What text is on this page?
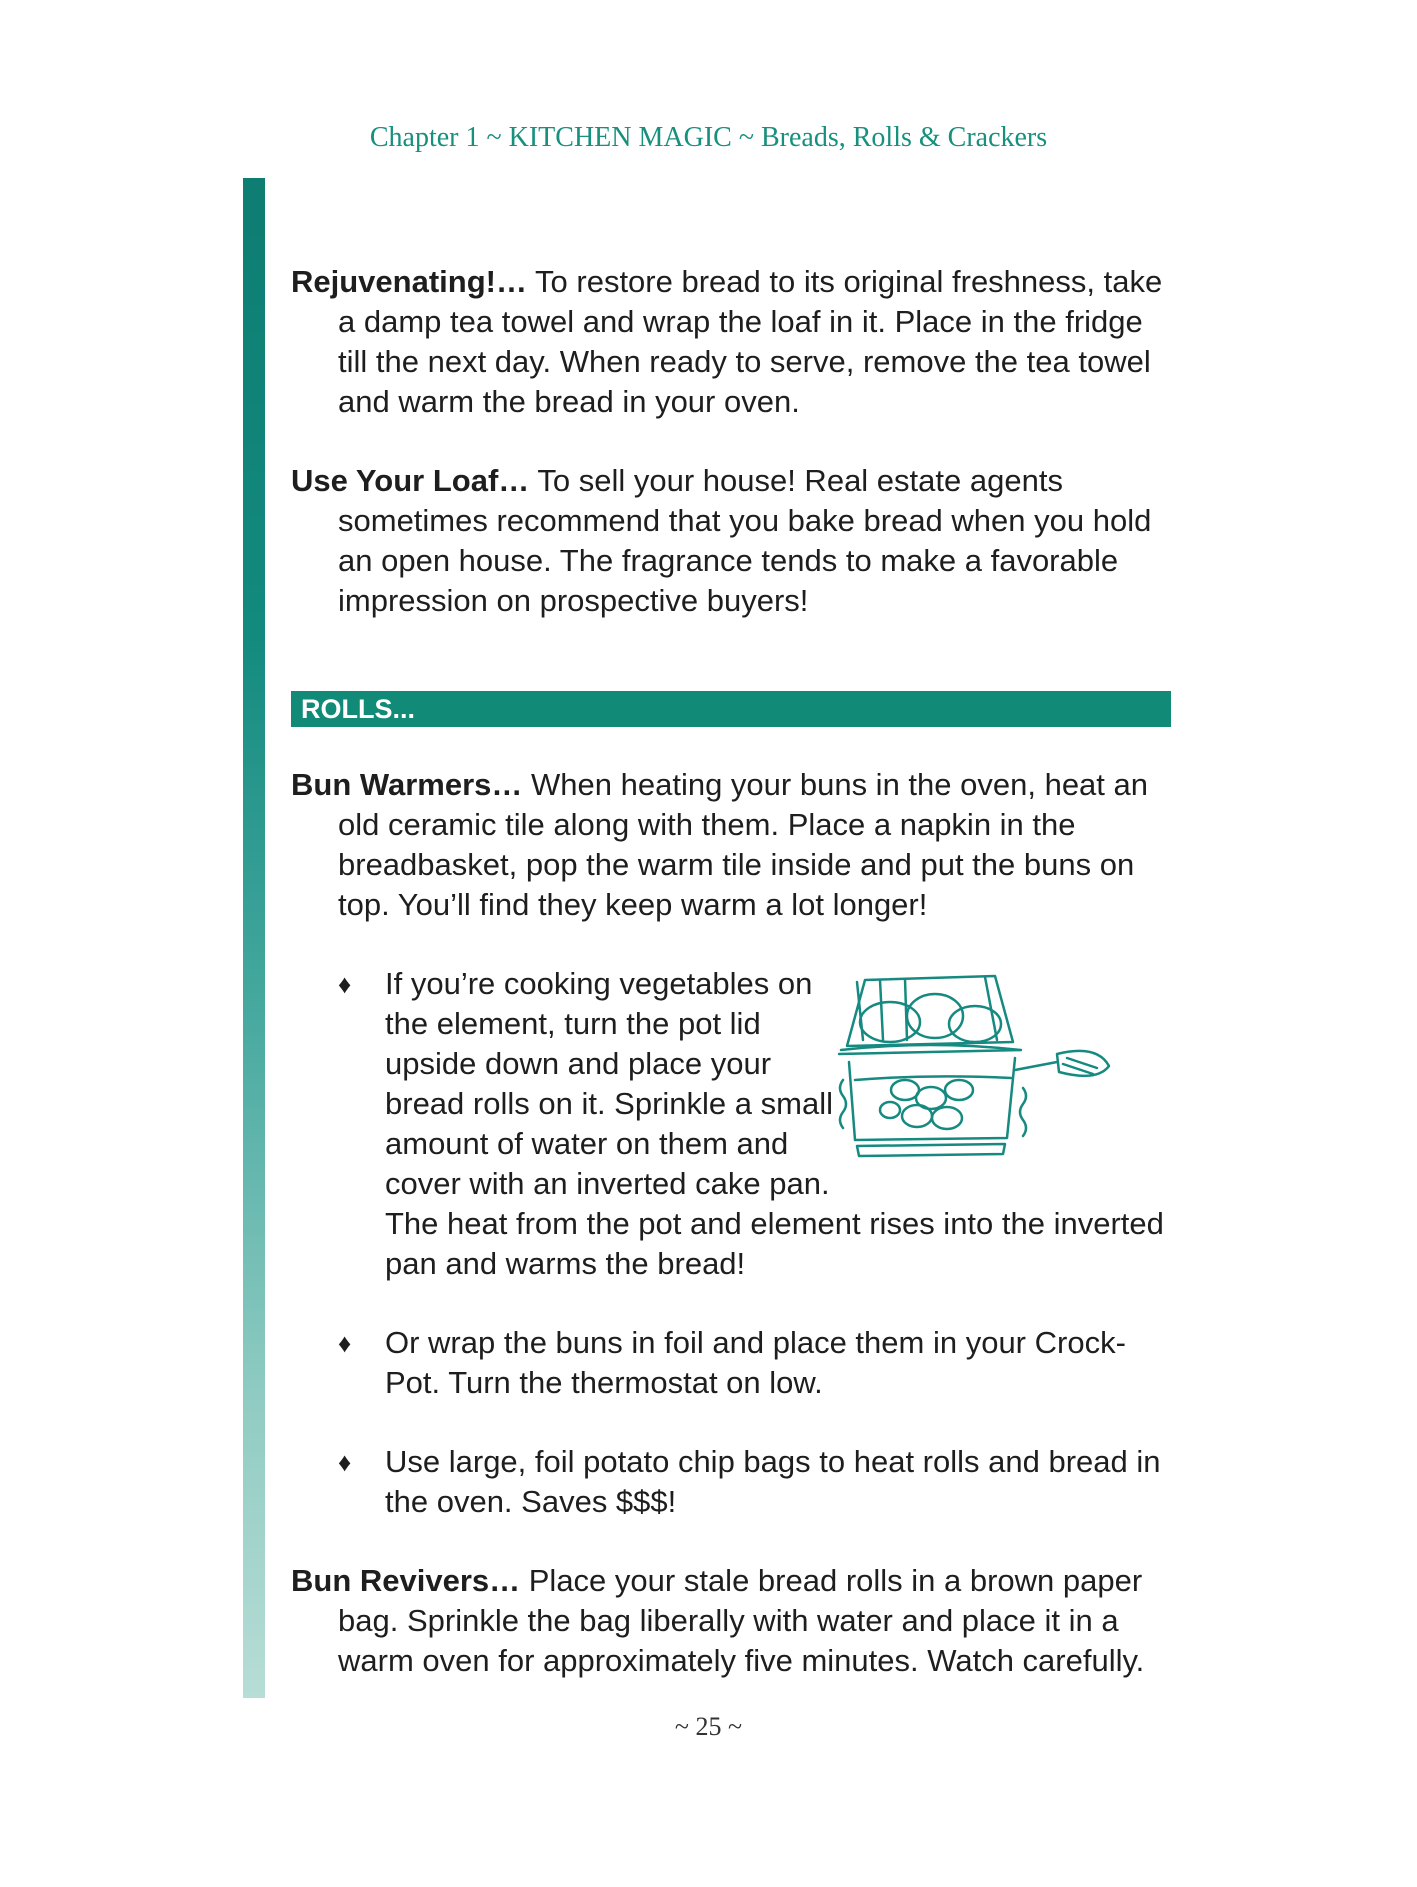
Chapter 1 ~ KITCHEN MAGIC ~ Breads, Rolls & Crackers

Rejuvenating!… To restore bread to its original freshness, take a damp tea towel and wrap the loaf in it. Place in the fridge till the next day. When ready to serve, remove the tea towel and warm the bread in your oven.

Use Your Loaf… To sell your house! Real estate agents sometimes recommend that you bake bread when you hold an open house. The fragrance tends to make a favorable impression on prospective buyers!

ROLLS...

Bun Warmers… When heating your buns in the oven, heat an old ceramic tile along with them. Place a napkin in the breadbasket, pop the warm tile inside and put the buns on top. You’ll find they keep warm a lot longer!

♦ If you’re cooking vegetables on the element, turn the pot lid upside down and place your bread rolls on it. Sprinkle a small amount of water on them and cover with an inverted cake pan. The heat from the pot and element rises into the inverted pan and warms the bread!
♦ Or wrap the buns in foil and place them in your Crock-Pot. Turn the thermostat on low.
♦ Use large, foil potato chip bags to heat rolls and bread in the oven. Saves $$$!

Bun Revivers… Place your stale bread rolls in a brown paper bag. Sprinkle the bag liberally with water and place it in a warm oven for approximately five minutes. Watch carefully.

~ 25 ~
